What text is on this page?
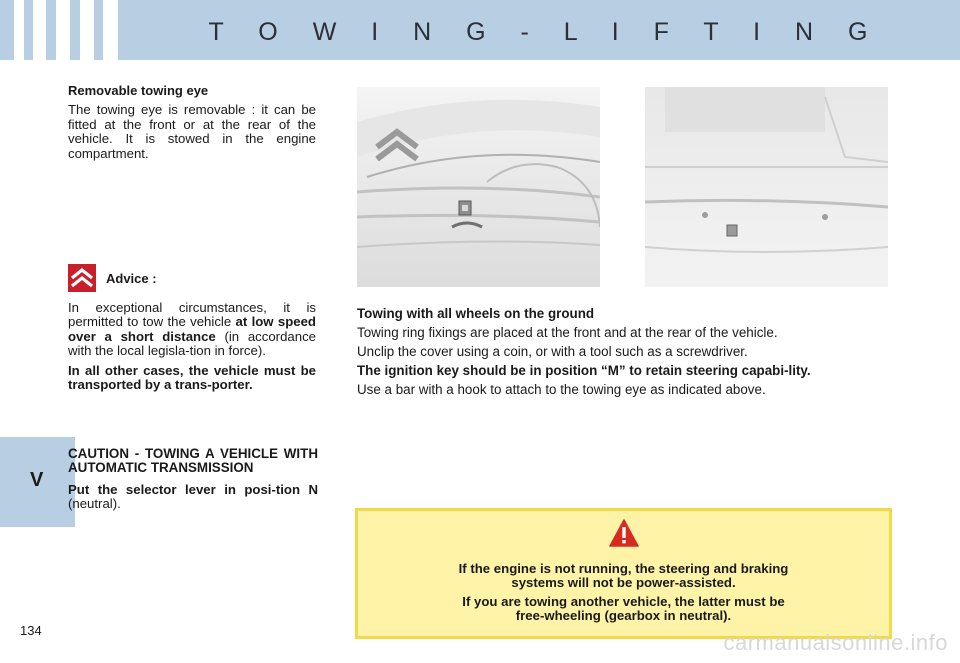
T O W I N G - L I F T I N G
V
134

Removable towing eye

The towing eye is removable : it can be fitted at the front or at the rear of the vehicle. It is stowed in the engine compartment.

Advice :

In exceptional circumstances, it is permitted to tow the vehicle at low speed over a short distance (in accordance with the local legisla-tion in force).

In all other cases, the vehicle must be transported by a trans-porter.

CAUTION - TOWING A VEHICLE WITH AUTOMATIC TRANSMISSION

Put the selector lever in posi-tion N (neutral).

Towing with all wheels on the ground

Towing ring fixings are placed at the front and at the rear of the vehicle.

Unclip the cover using a coin, or with a tool such as a screwdriver.

The ignition key should be in position “M” to retain steering capabi-lity.

Use a bar with a hook to attach to the towing eye as indicated above.

If the engine is not running, the steering and braking systems will not be power-assisted.

If you are towing another vehicle, the latter must be free-wheeling (gearbox in neutral).

carmanualsonline.info
